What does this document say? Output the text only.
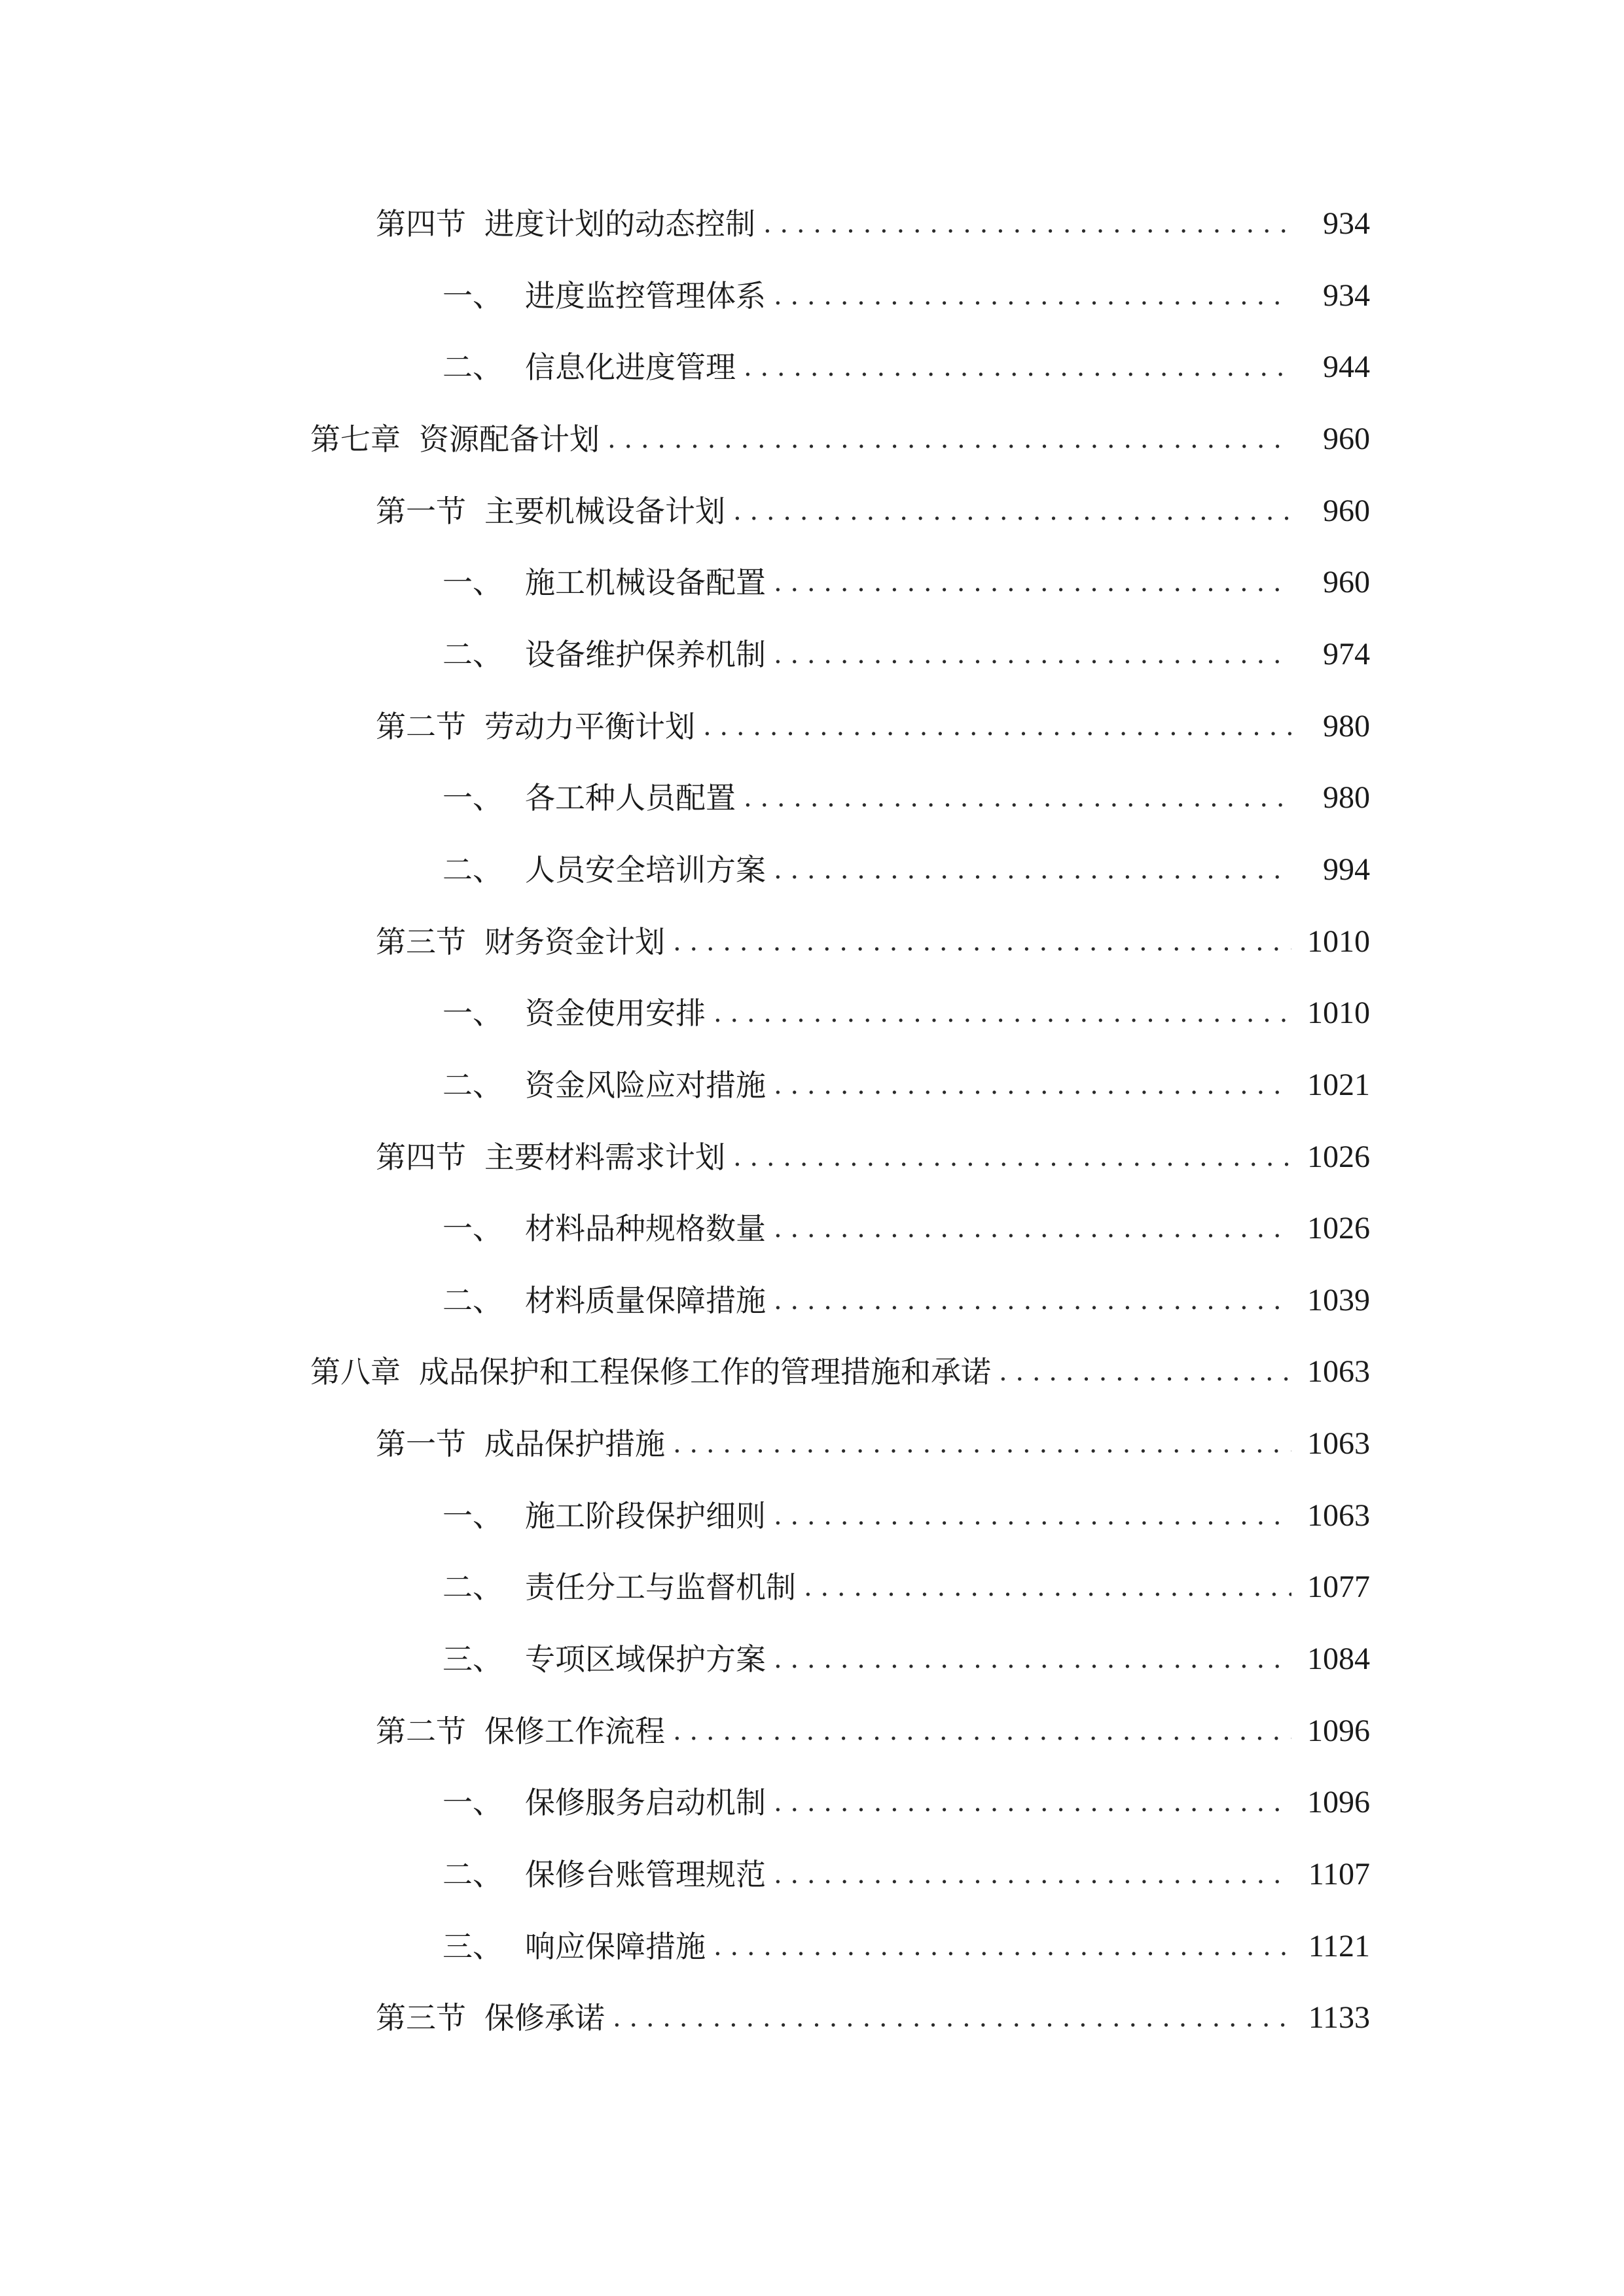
第四节 进度计划的动态控制 . . .	934
一、 进度监控管理体系 . . .	934
二、 信息化进度管理 . . .	944
第七章 资源配备计划 . . .	960
第一节 主要机械设备计划 . . .	960
一、 施工机械设备配置 . . .	960
二、 设备维护保养机制 . . .	974
第二节 劳动力平衡计划 . . .	980
一、 各工种人员配置 . . .	980
二、 人员安全培训方案 . . .	994
第三节 财务资金计划 . . .	1010
一、 资金使用安排 . . .	1010
二、 资金风险应对措施 . . .	1021
第四节 主要材料需求计划 . . .	1026
一、 材料品种规格数量 . . .	1026
二、 材料质量保障措施 . . .	1039
第八章 成品保护和工程保修工作的管理措施和承诺 . . .	1063
第一节 成品保护措施 . . .	1063
一、 施工阶段保护细则 . . .	1063
二、 责任分工与监督机制 . . .	1077
三、 专项区域保护方案 . . .	1084
第二节 保修工作流程 . . .	1096
一、 保修服务启动机制 . . .	1096
二、 保修台账管理规范 . . .	1107
三、 响应保障措施 . . .	1121
第三节 保修承诺 . . .	1133
